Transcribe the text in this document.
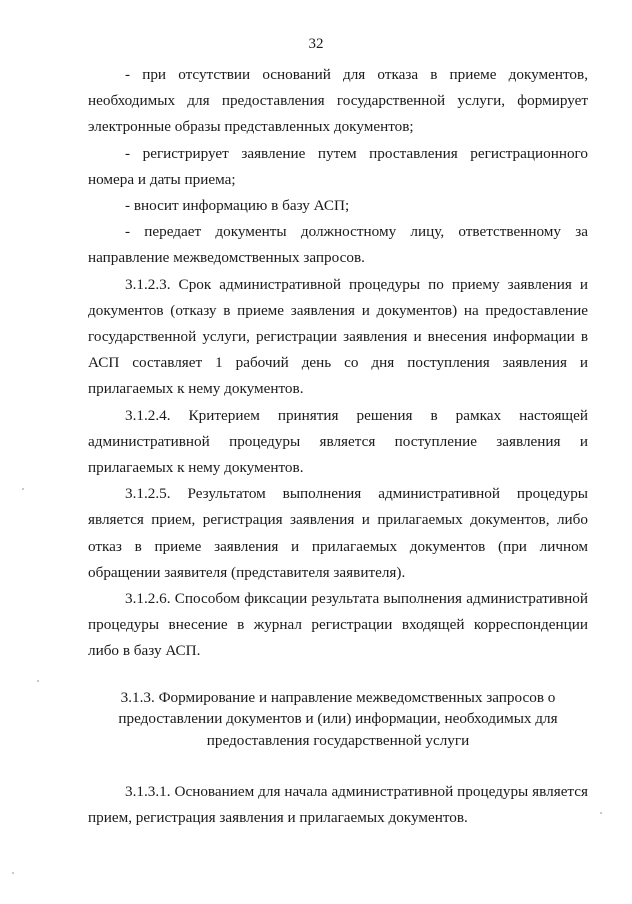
32

- при отсутствии оснований для отказа в приеме документов, необходимых для предоставления государственной услуги, формирует электронные образы представленных документов;

- регистрирует заявление путем проставления регистрационного номера и даты приема;

- вносит информацию в базу АСП;

- передает документы должностному лицу, ответственному за направление межведомственных запросов.

3.1.2.3. Срок административной процедуры по приему заявления и документов (отказу в приеме заявления и документов) на предоставление государственной услуги, регистрации заявления и внесения информации в АСП составляет 1 рабочий день со дня поступления заявления и прилагаемых к нему документов.

3.1.2.4. Критерием принятия решения в рамках настоящей административной процедуры является поступление заявления и прилагаемых к нему документов.

3.1.2.5. Результатом выполнения административной процедуры является прием, регистрация заявления и прилагаемых документов, либо отказ в приеме заявления и прилагаемых документов (при личном обращении заявителя (представителя заявителя).

3.1.2.6. Способом фиксации результата выполнения административной процедуры внесение в журнал регистрации входящей корреспонденции либо в базу АСП.

3.1.3. Формирование и направление межведомственных запросов о предоставлении документов и (или) информации, необходимых для предоставления государственной услуги

3.1.3.1. Основанием для начала административной процедуры является прием, регистрация заявления и прилагаемых документов.
